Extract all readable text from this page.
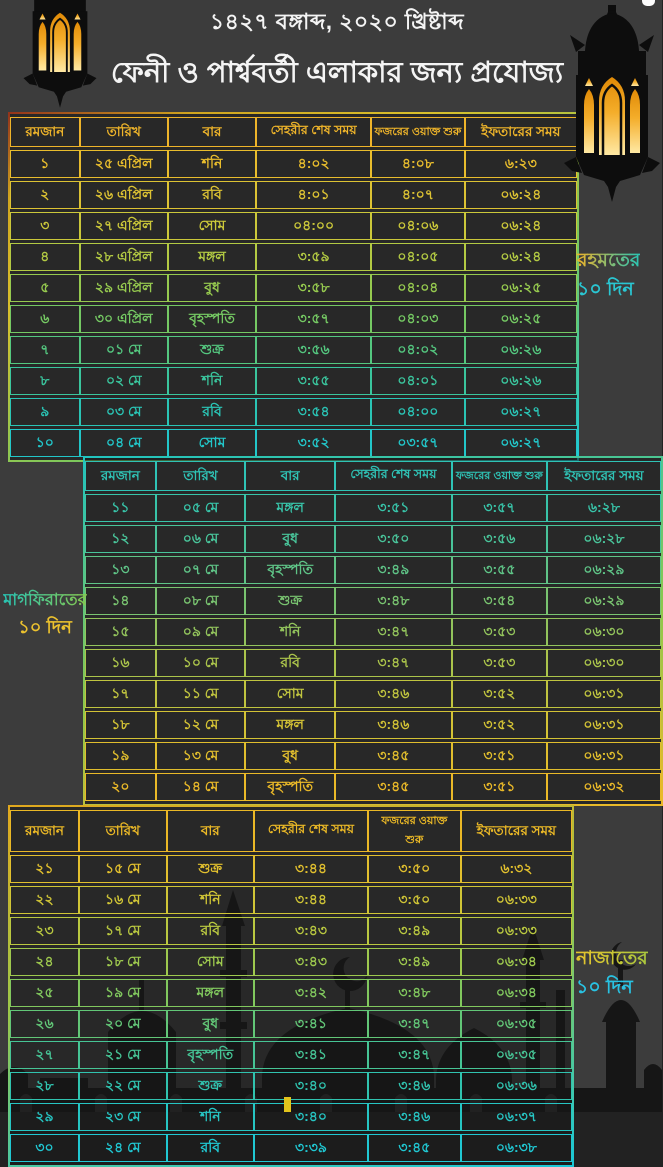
১৪২৭ বঙ্গাব্দ, ২০২০ খ্রিষ্টাব্দ
ফেনী ও পার্শ্ববর্তী এলাকার জন্য প্রযোজ্য
রমজান	তারিখ	বার	সেহরীর শেষ সময়	ফজরের ওয়াক্ত শুরু	ইফতারের সময়
১	২৫ এপ্রিল	শনি	৪:০২	৪:০৮	৬:২৩
২	২৬ এপ্রিল	রবি	৪:০১	৪:০৭	০৬:২৪
৩	২৭ এপ্রিল	সোম	০৪:০০	০৪:০৬	০৬:২৪
৪	২৮ এপ্রিল	মঙ্গল	৩:৫৯	০৪:০৫	০৬:২৪
৫	২৯ এপ্রিল	বুধ	৩:৫৮	০৪:০৪	০৬:২৫
৬	৩০ এপ্রিল	বৃহস্পতি	৩:৫৭	০৪:০৩	০৬:২৫
৭	০১ মে	শুক্র	৩:৫৬	০৪:০২	০৬:২৬
৮	০২ মে	শনি	৩:৫৫	০৪:০১	০৬:২৬
৯	০৩ মে	রবি	৩:৫৪	০৪:০০	০৬:২৭
১০	০৪ মে	সোম	৩:৫২	০৩:৫৭	০৬:২৭
রমজান	তারিখ	বার	সেহরীর শেষ সময়	ফজরের ওয়াক্ত শুরু	ইফতারের সময়
১১	০৫ মে	মঙ্গল	৩:৫১	৩:৫৭	৬:২৮
১২	০৬ মে	বুধ	৩:৫০	৩:৫৬	০৬:২৮
১৩	০৭ মে	বৃহস্পতি	৩:৪৯	৩:৫৫	০৬:২৯
১৪	০৮ মে	শুক্র	৩:৪৮	৩:৫৪	০৬:২৯
১৫	০৯ মে	শনি	৩:৪৭	৩:৫৩	০৬:৩০
১৬	১০ মে	রবি	৩:৪৭	৩:৫৩	০৬:৩০
১৭	১১ মে	সোম	৩:৪৬	৩:৫২	০৬:৩১
১৮	১২ মে	মঙ্গল	৩:৪৬	৩:৫২	০৬:৩১
১৯	১৩ মে	বুধ	৩:৪৫	৩:৫১	০৬:৩১
২০	১৪ মে	বৃহস্পতি	৩:৪৫	৩:৫১	০৬:৩২
রমজান	তারিখ	বার	সেহরীর শেষ সময়	ফজরের ওয়াক্ত শুরু	ইফতারের সময়
২১	১৫ মে	শুক্র	৩:৪৪	৩:৫০	৬:৩২
২২	১৬ মে	শনি	৩:৪৪	৩:৫০	০৬:৩৩
২৩	১৭ মে	রবি	৩:৪৩	৩:৪৯	০৬:৩৩
২৪	১৮ মে	সোম	৩:৪৩	৩:৪৯	০৬:৩৪
২৫	১৯ মে	মঙ্গল	৩:৪২	৩:৪৮	০৬:৩৪
২৬	২০ মে	বুধ	৩:৪১	৩:৪৭	০৬:৩৫
২৭	২১ মে	বৃহস্পতি	৩:৪১	৩:৪৭	০৬:৩৫
২৮	২২ মে	শুক্র	৩:৪০	৩:৪৬	০৬:৩৬
২৯	২৩ মে	শনি	৩:৪০	৩:৪৬	০৬:৩৭
৩০	২৪ মে	রবি	৩:৩৯	৩:৪৫	০৬:৩৮
রহমতের
১০ দিন
মাগফিরাতের
১০ দিন
নাজাতের
১০ দিন
